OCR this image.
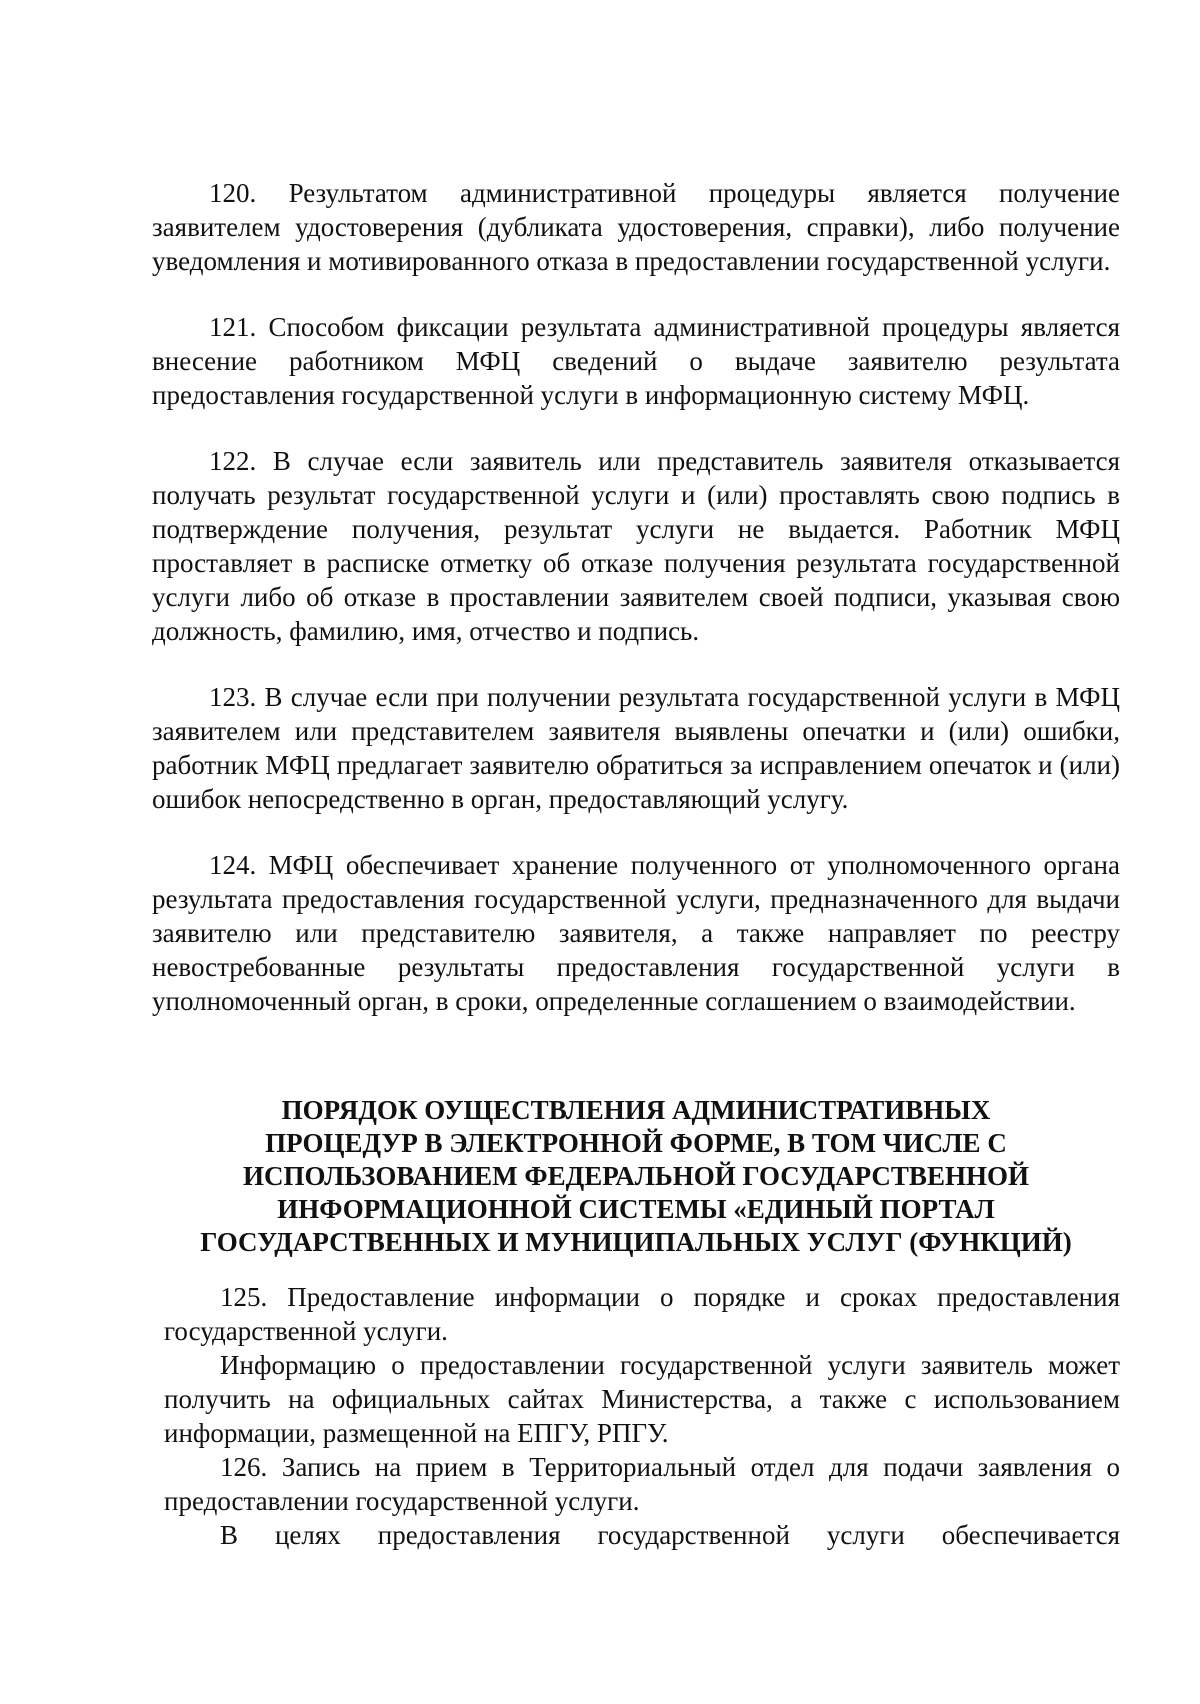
120. Результатом административной процедуры является получение заявителем удостоверения (дубликата удостоверения, справки), либо получение уведомления и мотивированного отказа в предоставлении государственной услуги.

121. Способом фиксации результата административной процедуры является внесение работником МФЦ сведений о выдаче заявителю результата предоставления государственной услуги в информационную систему МФЦ.

122. В случае если заявитель или представитель заявителя отказывается получать результат государственной услуги и (или) проставлять свою подпись в подтверждение получения, результат услуги не выдается. Работник МФЦ проставляет в расписке отметку об отказе получения результата государственной услуги либо об отказе в проставлении заявителем своей подписи, указывая свою должность, фамилию, имя, отчество и подпись.

123. В случае если при получении результата государственной услуги в МФЦ заявителем или представителем заявителя выявлены опечатки и (или) ошибки, работник МФЦ предлагает заявителю обратиться за исправлением опечаток и (или) ошибок непосредственно в орган, предоставляющий услугу.

124. МФЦ обеспечивает хранение полученного от уполномоченного органа результата предоставления государственной услуги, предназначенного для выдачи заявителю или представителю заявителя, а также направляет по реестру невостребованные результаты предоставления государственной услуги в уполномоченный орган, в сроки, определенные соглашением о взаимодействии.

ПОРЯДОК ОУЩЕСТВЛЕНИЯ АДМИНИСТРАТИВНЫХ
ПРОЦЕДУР В ЭЛЕКТРОННОЙ ФОРМЕ, В ТОМ ЧИСЛЕ С
ИСПОЛЬЗОВАНИЕМ ФЕДЕРАЛЬНОЙ ГОСУДАРСТВЕННОЙ
ИНФОРМАЦИОННОЙ СИСТЕМЫ «ЕДИНЫЙ ПОРТАЛ
ГОСУДАРСТВЕННЫХ И МУНИЦИПАЛЬНЫХ УСЛУГ (ФУНКЦИЙ)

125. Предоставление информации о порядке и сроках предоставления государственной услуги.

Информацию о предоставлении государственной услуги заявитель может получить на официальных сайтах Министерства, а также с использованием информации, размещенной на ЕПГУ, РПГУ.

126. Запись на прием в Территориальный отдел для подачи заявления о предоставлении государственной услуги.

В целях предоставления государственной услуги обеспечивается
